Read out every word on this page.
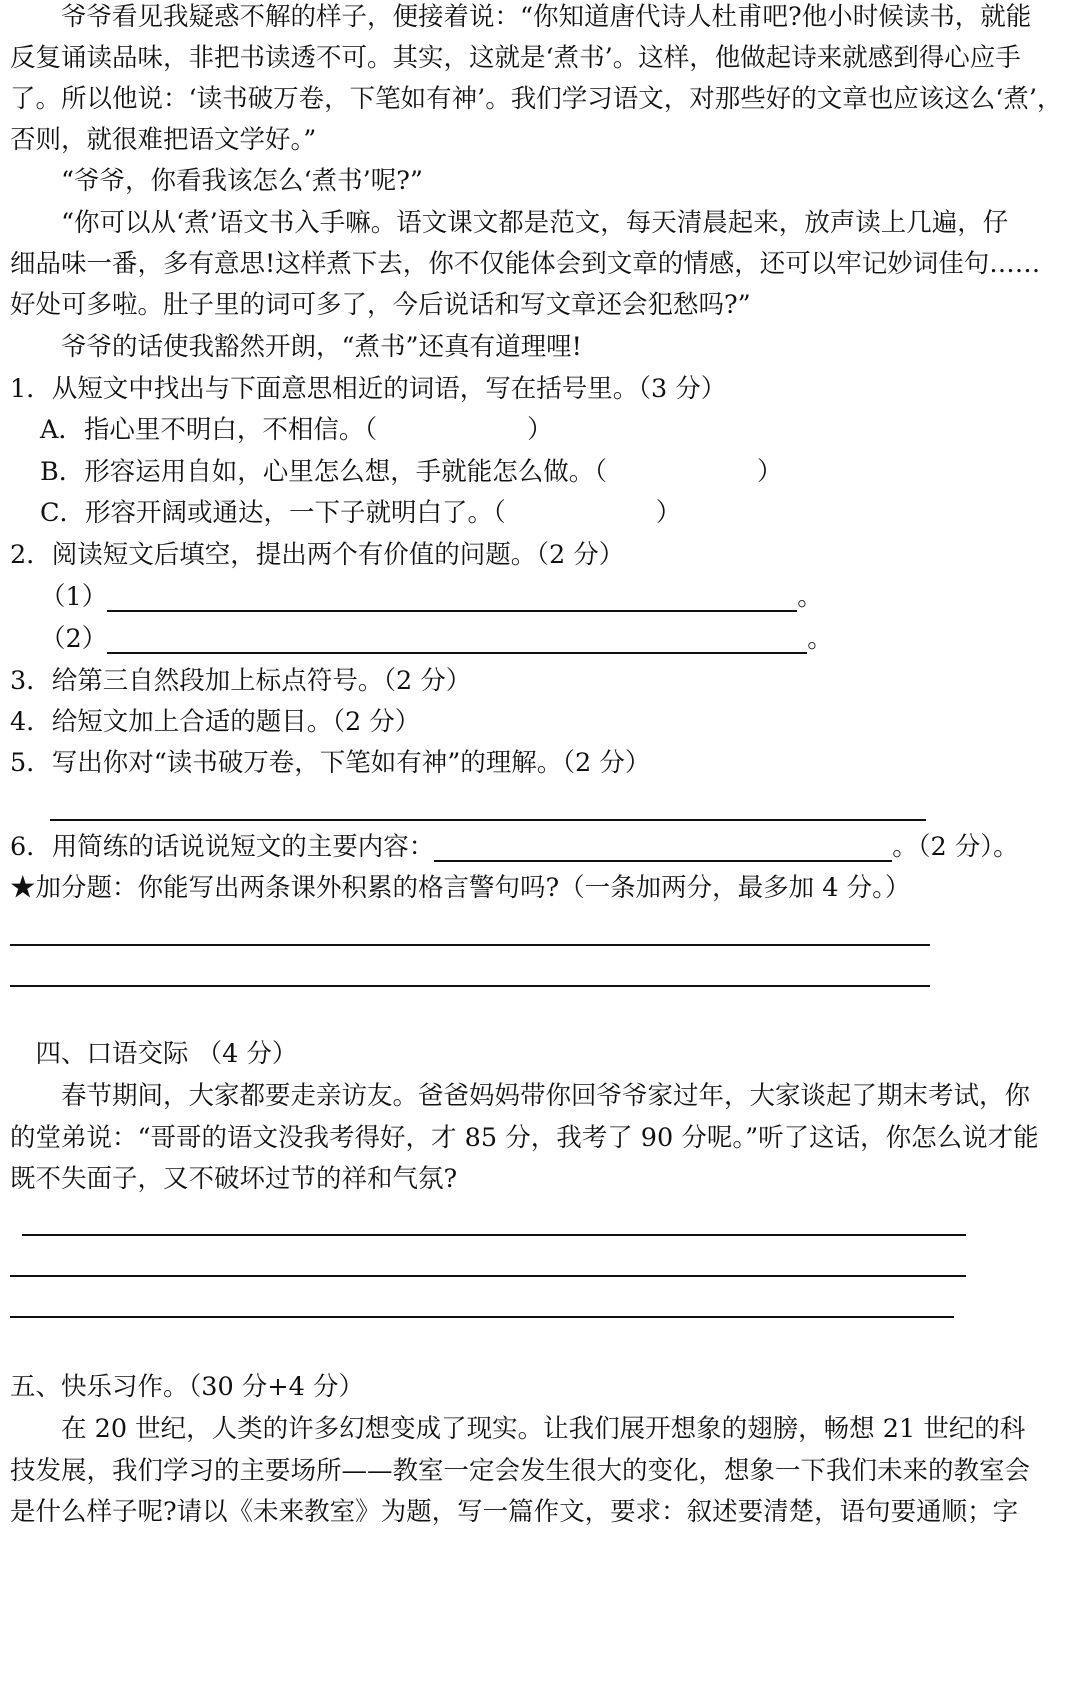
　　爷爷看见我疑惑不解的样子，便接着说：“你知道唐代诗人杜甫吧?他小时候读书，就能
反复诵读品味，非把书读透不可。其实，这就是‘煮书’。这样，他做起诗来就感到得心应手
了。所以他说：‘读书破万卷，下笔如有神’。我们学习语文，对那些好的文章也应该这么‘煮’，
否则，就很难把语文学好。”
　　“爷爷，你看我该怎么‘煮书’呢?”
　　“你可以从‘煮’语文书入手嘛。语文课文都是范文，每天清晨起来，放声读上几遍，仔
细品味一番，多有意思!这样煮下去，你不仅能体会到文章的情感，还可以牢记妙词佳句……
好处可多啦。肚子里的词可多了，今后说话和写文章还会犯愁吗?”
　　爷爷的话使我豁然开朗，“煮书”还真有道理哩!
1．从短文中找出与下面意思相近的词语，写在括号里。（3 分）
A．指心里不明白，不相信。（	）
B．形容运用自如，心里怎么想，手就能怎么做。（	）
C．形容开阔或通达，一下子就明白了。（	）
2．阅读短文后填空，提出两个有价值的问题。（2 分）
（1）	。
（2）	。
3．给第三自然段加上标点符号。（2 分）
4．给短文加上合适的题目。（2 分）
5．写出你对“读书破万卷，下笔如有神”的理解。（2 分）
6．用简练的话说说短文的主要内容：	。（2 分）。
★加分题：你能写出两条课外积累的格言警句吗?（一条加两分，最多加 4 分。）
　四、口语交际 （4 分）
　　春节期间，大家都要走亲访友。爸爸妈妈带你回爷爷家过年，大家谈起了期末考试，你
的堂弟说：“哥哥的语文没我考得好，才 85 分，我考了 90 分呢。”听了这话，你怎么说才能
既不失面子，又不破坏过节的祥和气氛?
五、快乐习作。（30 分+4 分）
　　在 20 世纪，人类的许多幻想变成了现实。让我们展开想象的翅膀，畅想 21 世纪的科
技发展，我们学习的主要场所——教室一定会发生很大的变化，想象一下我们未来的教室会
是什么样子呢?请以《未来教室》为题，写一篇作文，要求：叙述要清楚，语句要通顺；字
